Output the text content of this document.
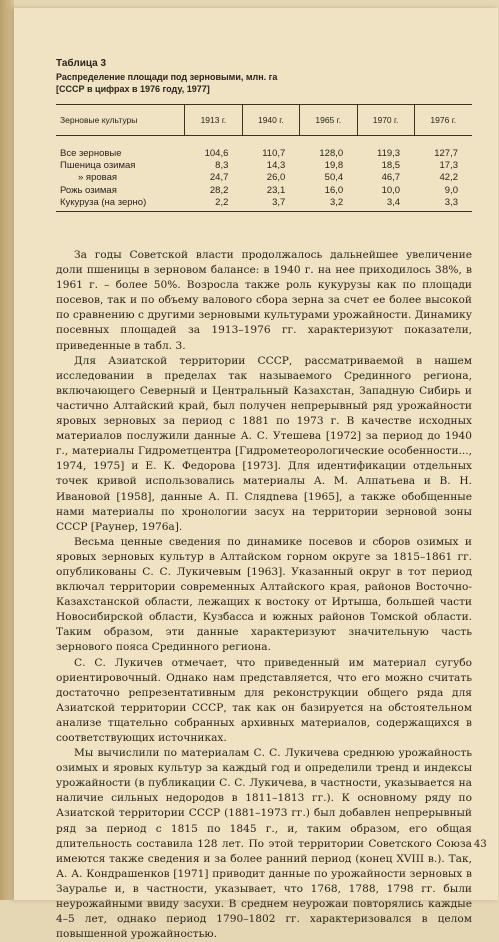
Таблица 3
Распределение площади под зерновыми, млн. га
[СССР в цифрах в 1976 году, 1977]
Зерновые культуры	1913 г.	1940 г.	1965 г.	1970 г.	1976 г.
Все зерновые	104,6	110,7	128,0	119,3	127,7
Пшеница озимая	8,3	14,3	19,8	18,5	17,3
» яровая	24,7	26,0	50,4	46,7	42,2
Рожь озимая	28,2	23,1	16,0	10,0	9,0
Кукуруза (на зерно)	2,2	3,7	3,2	3,4	3,3

За годы Советской власти продолжалось дальнейшее увеличение доли пшеницы в зерновом балансе: в 1940 г. на нее приходилось 38%, в 1961 г. – более 50%. Возросла также роль кукурузы как по площади посевов, так и по объему валового сбора зерна за счет ее более высокой по сравнению с другими зерновыми культурами урожайности. Динамику посевных площадей за 1913–1976 гг. характеризуют показатели, приведенные в табл. 3.

Для Азиатской территории СССР, рассматриваемой в нашем исследовании в пределах так называемого Срединного региона, включающего Северный и Центральный Казахстан, Западную Сибирь и частично Алтайский край, был получен непрерывный ряд урожайности яровых зерновых за период с 1881 по 1973 г. В качестве исходных материалов послужили данные А. С. Утешева [1972] за период до 1940 г., материалы Гидрометцентра [Гидрометеорологические особенности..., 1974, 1975] и Е. К. Федорова [1973]. Для идентификации отдельных точек кривой использовались материалы А. М. Алпатьева и В. Н. Ивановой [1958], данные А. П. Слядnева [1965], а также обобщенные нами материалы по хронологии засух на территории зерновой зоны СССР [Раунер, 1976а].

Весьма ценные сведения по динамике посевов и сборов озимых и яровых зерновых культур в Алтайском горном округе за 1815–1861 гг. опубликованы С. С. Лукичевым [1963]. Указанный округ в тот период включал территории современных Алтайского края, районов Восточно-Казахстанской области, лежащих к востоку от Иртыша, большей части Новосибирской области, Кузбасса и южных районов Томской области. Таким образом, эти данные характеризуют значительную часть зернового пояса Срединного региона.

С. С. Лукичев отмечает, что приведенный им материал сугубо ориентировочный. Однако нам представляется, что его можно считать достаточно репрезентативным для реконструкции общего ряда для Азиатской территории СССР, так как он базируется на обстоятельном анализе тщательно собранных архивных материалов, содержащихся в соответствующих источниках.

Мы вычислили по материалам С. С. Лукичева среднюю урожайность озимых и яровых культур за каждый год и определили тренд и индексы урожайности (в публикации С. С. Лукичева, в частности, указывается на наличие сильных недородов в 1811–1813 гг.). К основному ряду по Азиатской территории СССР (1881–1973 гг.) был добавлен непрерывный ряд за период с 1815 по 1845 г., и, таким образом, его общая длительность составила 128 лет. По этой территории Советского Союза имеются также сведения и за более ранний период (конец XVIII в.). Так, А. А. Кондрашенков [1971] приводит данные по урожайности зерновых в Зауралье и, в частности, указывает, что 1768, 1788, 1798 гг. были неурожайными ввиду засухи. В среднем неурожаи повторялись каждые 4–5 лет, однако период 1790–1802 гг. характеризовался в целом повышенной урожайностью.

43
